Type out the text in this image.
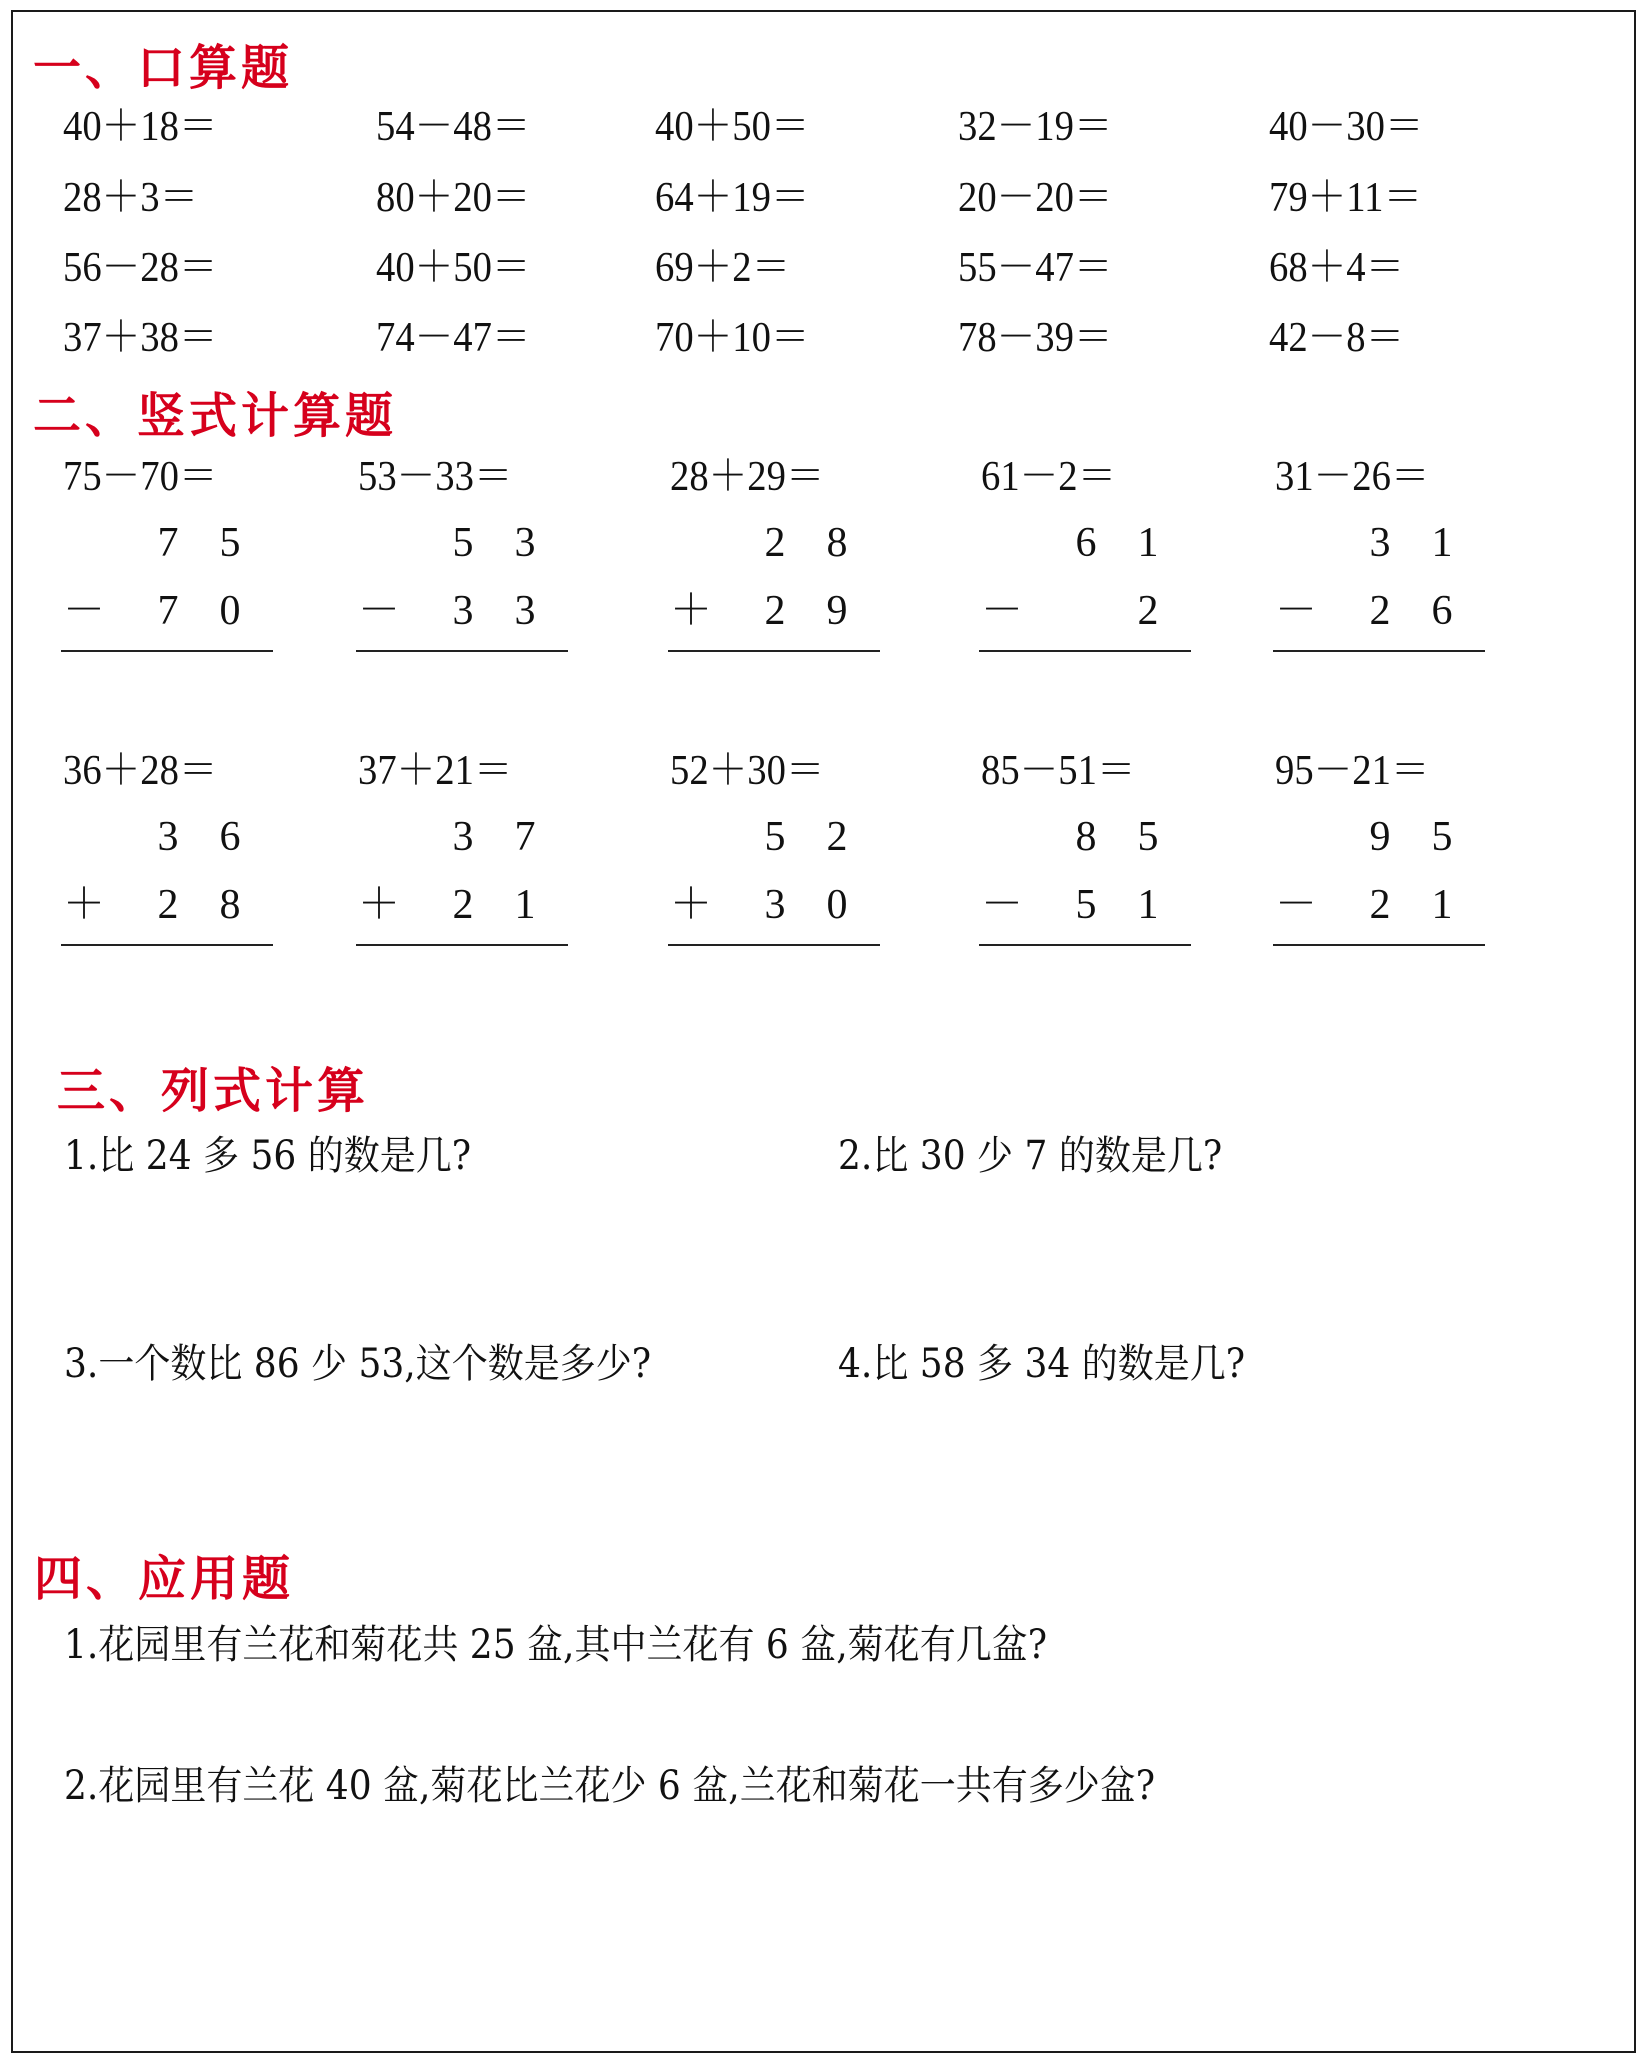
一、口算题
40＋18＝	54－48＝	40＋50＝	32－19＝	40－30＝
28＋3＝	80＋20＝	64＋19＝	20－20＝	79＋11＝
56－28＝	40＋50＝	69＋2＝	55－47＝	68＋4＝
37＋38＝	74－47＝	70＋10＝	78－39＝	42－8＝
二、竖式计算题
75－70＝
7 5
－ 7 0
53－33＝
5 3
－ 3 3
28＋29＝
2 8
＋ 2 9
61－2＝
6 1
－	2
31－26＝
3 1
－ 2 6
36＋28＝
3 6
＋ 2 8
37＋21＝
3 7
＋ 2 1
52＋30＝
5 2
＋ 3 0
85－51＝
8 5
－ 5 1
95－21＝
9 5
－ 2 1
三、列式计算
1.比 24 多 56 的数是几?	2.比 30 少 7 的数是几?
3.一个数比 86 少 53,这个数是多少?	4.比 58 多 34 的数是几?
四、应用题
1.花园里有兰花和菊花共 25 盆,其中兰花有 6 盆,菊花有几盆?
2.花园里有兰花 40 盆,菊花比兰花少 6 盆,兰花和菊花一共有多少盆?
